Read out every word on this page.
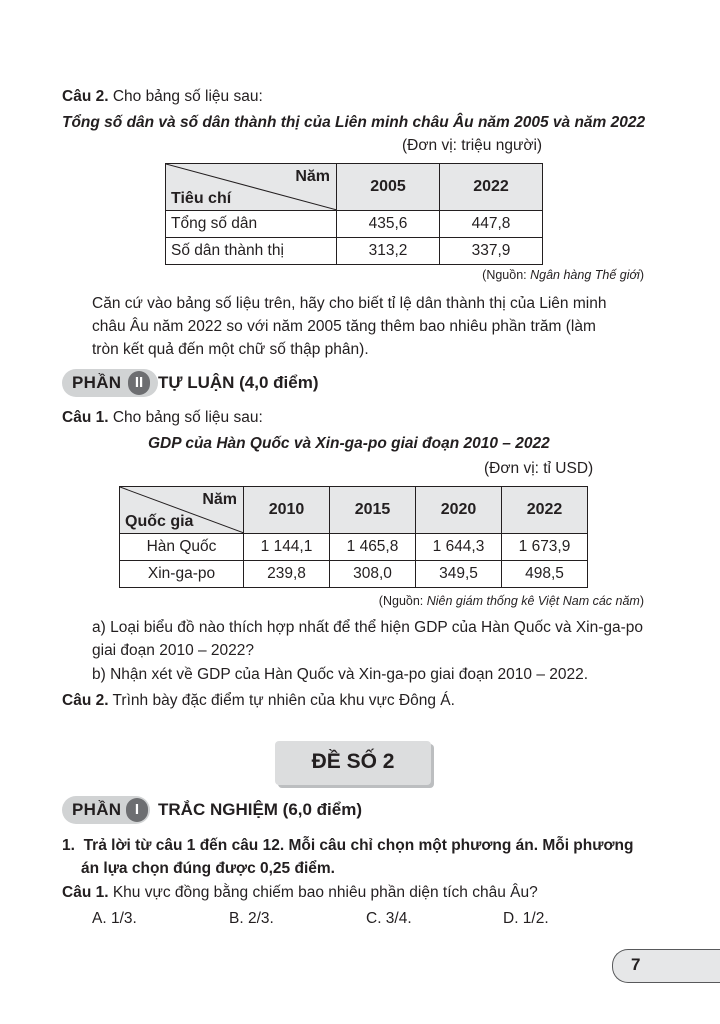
Câu 2. Cho bảng số liệu sau:
Tổng số dân và số dân thành thị của Liên minh châu Âu năm 2005 và năm 2022
(Đơn vị: triệu người)
Năm
Tiêu chí	2005	2022
Tổng số dân	435,6	447,8
Số dân thành thị	313,2	337,9
(Nguồn: Ngân hàng Thế giới)
Căn cứ vào bảng số liệu trên, hãy cho biết tỉ lệ dân thành thị của Liên minh
châu Âu năm 2022 so với năm 2005 tăng thêm bao nhiêu phần trăm (làm
tròn kết quả đến một chữ số thập phân).
PHẦN II TỰ LUẬN (4,0 điểm)
Câu 1. Cho bảng số liệu sau:
GDP của Hàn Quốc và Xin-ga-po giai đoạn 2010 – 2022
(Đơn vị: tỉ USD)
Năm
Quốc gia	2010	2015	2020	2022
Hàn Quốc	1 144,1	1 465,8	1 644,3	1 673,9
Xin-ga-po	239,8	308,0	349,5	498,5
(Nguồn: Niên giám thống kê Việt Nam các năm)
a) Loại biểu đồ nào thích hợp nhất để thể hiện GDP của Hàn Quốc và Xin-ga-po
giai đoạn 2010 – 2022?
b) Nhận xét về GDP của Hàn Quốc và Xin-ga-po giai đoạn 2010 – 2022.
Câu 2. Trình bày đặc điểm tự nhiên của khu vực Đông Á.
ĐỀ SỐ 2
PHẦN I	TRẮC NGHIỆM (6,0 điểm)
1. Trả lời từ câu 1 đến câu 12. Mỗi câu chỉ chọn một phương án. Mỗi phương
án lựa chọn đúng được 0,25 điểm.
Câu 1. Khu vực đồng bằng chiếm bao nhiêu phần diện tích châu Âu?
A. 1/3.	B. 2/3.	C. 3/4.	D. 1/2.
7
